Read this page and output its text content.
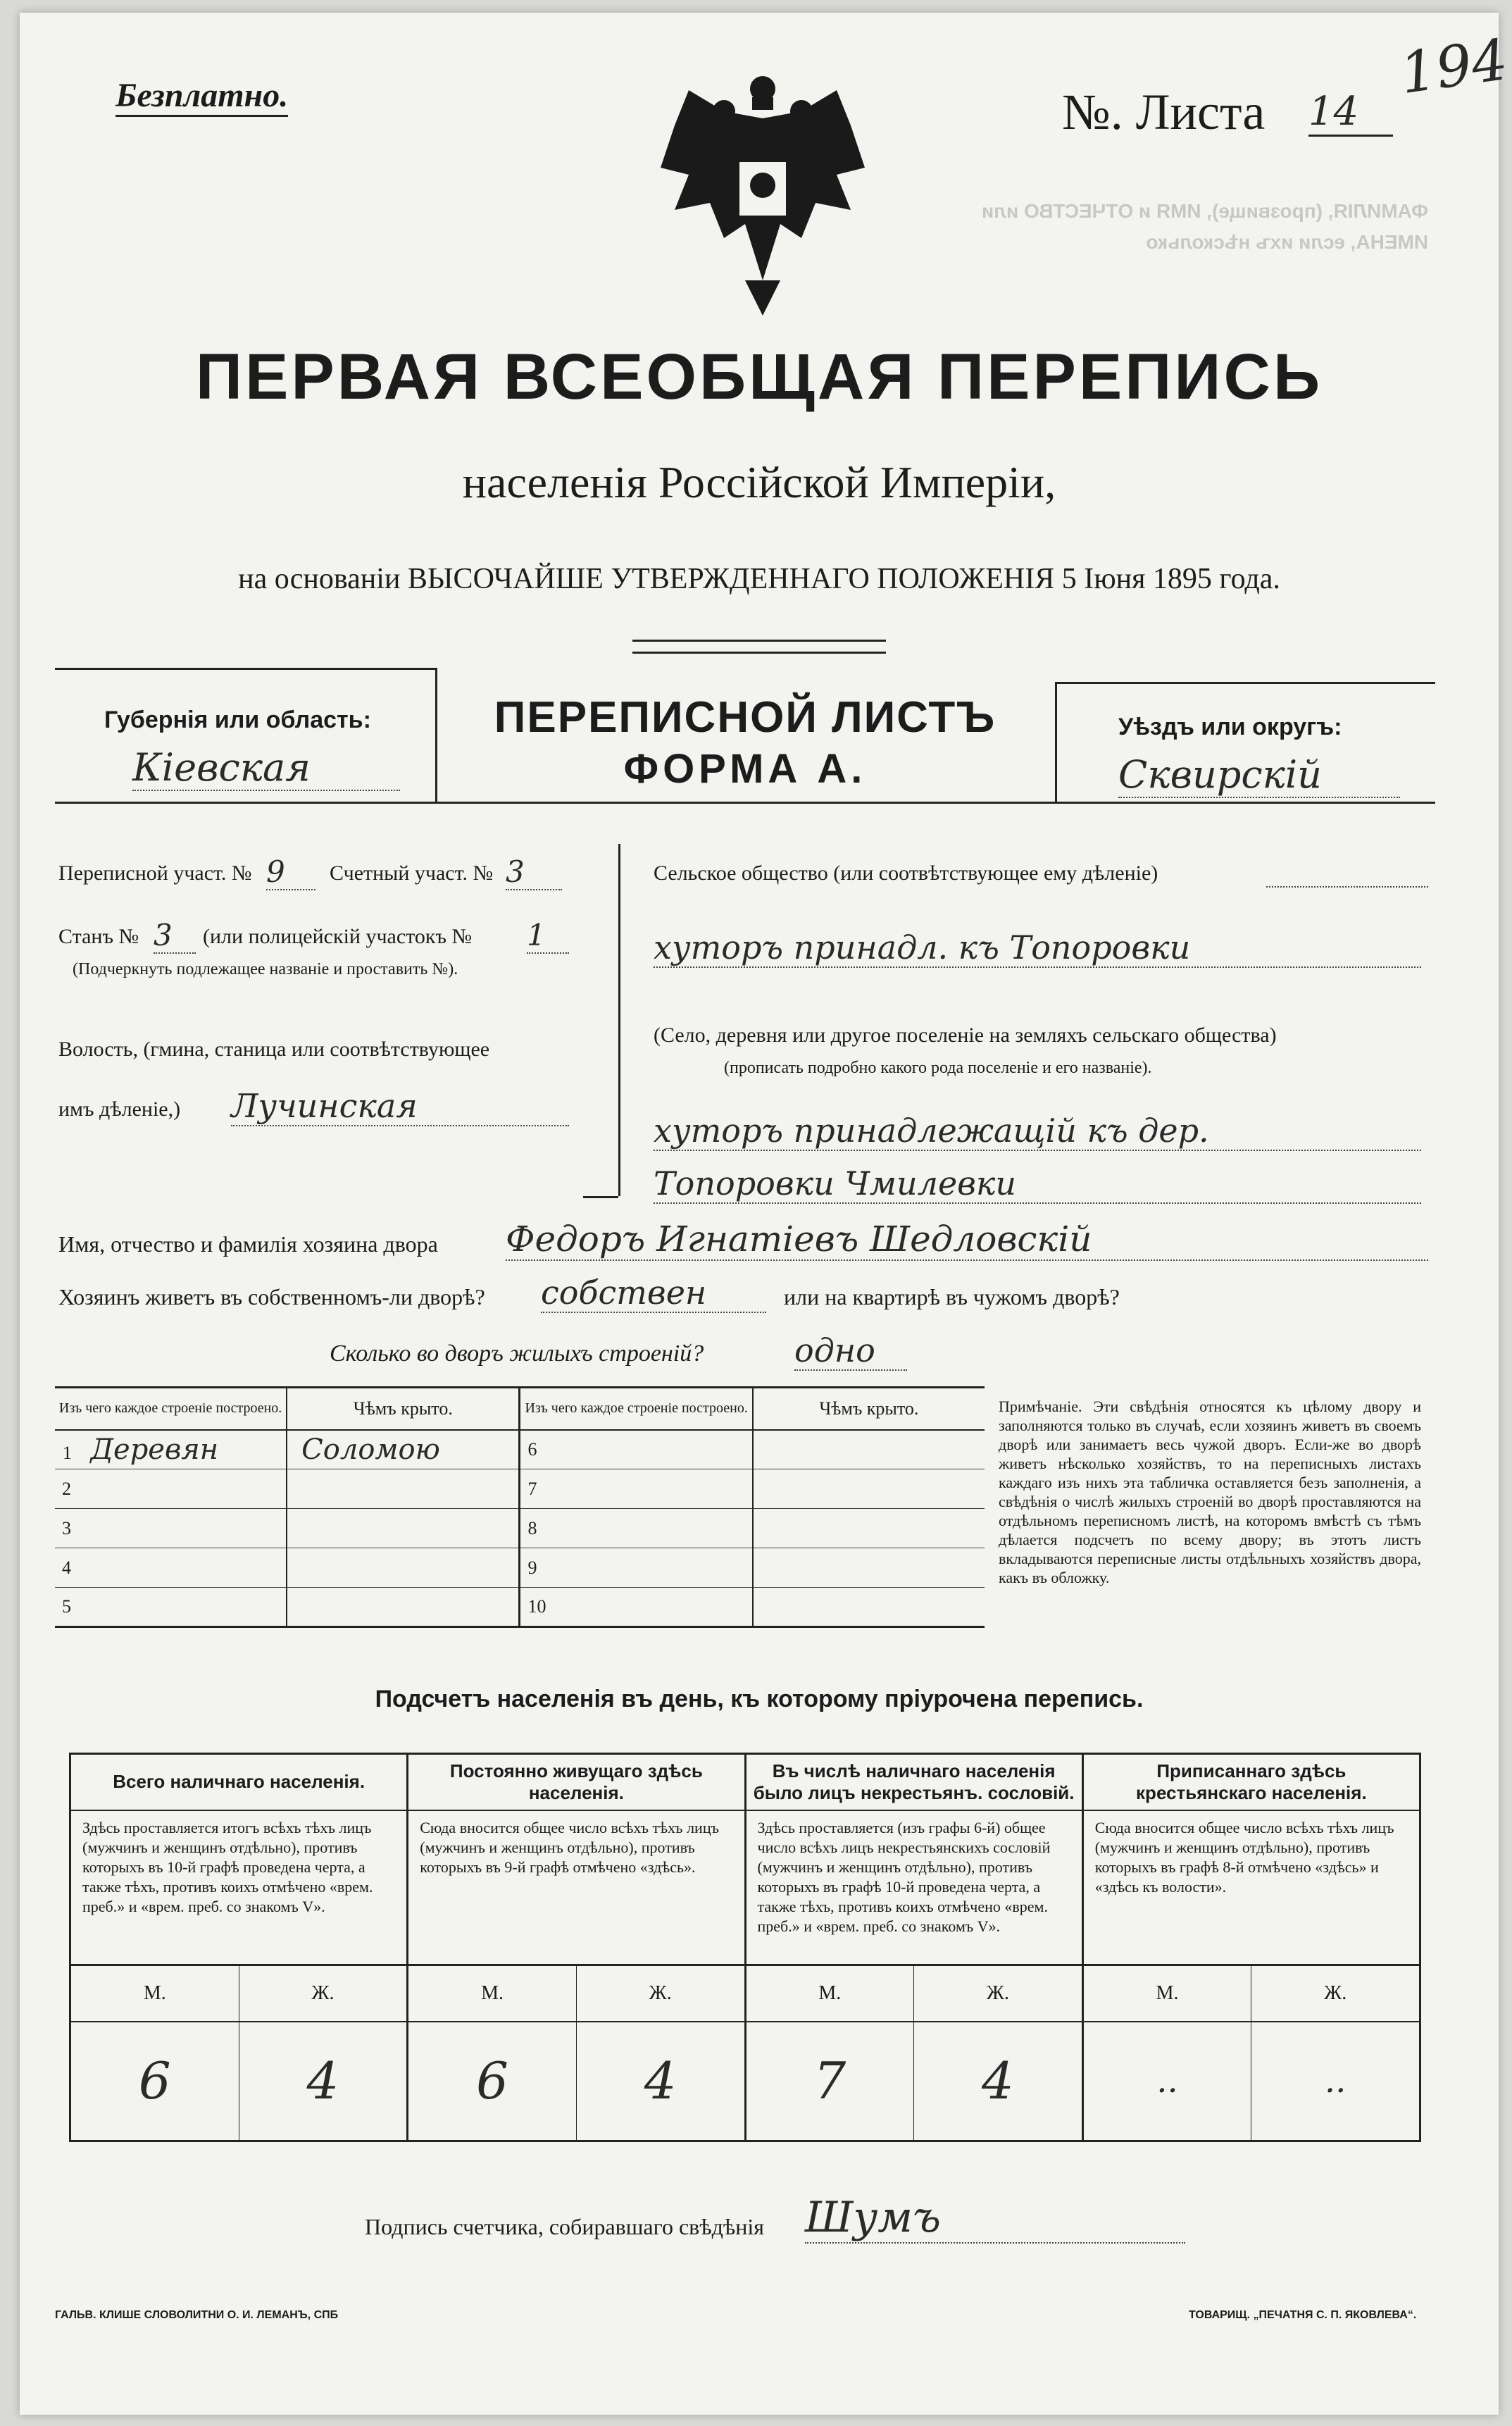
ФАМИЛІЯ, (прозвище), ИМЯ и ОТЧЕСТВО или ИМЕНА, если ихъ нѣсколько
Безплатно.	№. Листа 14
194
ПЕРВАЯ ВСЕОБЩАЯ ПЕРЕПИСЬ
населенія Россійской Имперіи,
на основаніи ВЫСОЧАЙШЕ УТВЕРЖДЕННАГО ПОЛОЖЕНІЯ 5 Іюня 1895 года.
Губернія или область:
Кіевская
ПЕРЕПИСНОЙ ЛИСТЪ
ФОРМА А.
Уѣздъ или округъ:
Сквирскій
Переписной участ. № 9	Счетный участ. № 3
Станъ № 3	(или полицейскій участокъ № 1
(Подчеркнуть подлежащее названіе и проставить №).
Волость, (гмина, станица или соотвѣтствующее
имъ дѣленіе,) Лучинская
Сельское общество (или соотвѣтствующее ему дѣленіе)
хуторъ принадл. къ Топоровки
(Село, деревня или другое поселеніе на земляхъ сельскаго общества)
(прописать подробно какого рода поселеніе и его названіе).
хуторъ принадлежащій къ дер.
Топоровки Чмилевки
Имя, отчество и фамилія хозяина двора Федоръ Игнатіевъ Шедловскій
Хозяинъ живетъ въ собственномъ-ли дворѣ? собствен	или на квартирѣ въ чужомъ дворѣ?
Сколько во дворъ жилыхъ строеній?	одно
Изъ чего каждое строеніе построено.	Чѣмъ крыто.	Изъ чего каждое строеніе построено.	Чѣмъ крыто.
1 Деревян	Соломою	6	
2		7	
3		8	
4		9	
5		10	
Примѣчаніе. Эти свѣдѣнія относятся къ цѣлому двору и заполняются только въ случаѣ, если хозяинъ живетъ въ своемъ дворѣ или занимаетъ весь чужой дворъ. Если-же во дворѣ живетъ нѣсколько хозяйствъ, то на переписныхъ листахъ каждаго изъ нихъ эта табличка оставляется безъ заполненія, а свѣдѣнія о числѣ жилыхъ строеній во дворѣ проставляются на отдѣльномъ переписномъ листѣ, на которомъ вмѣстѣ съ тѣмъ дѣлается подсчетъ по всему двору; въ этотъ листъ вкладываются переписные листы отдѣльныхъ хозяйствъ двора, какъ въ обложку.
Подсчетъ населенія въ день, къ которому пріурочена перепись.
Всего наличнаго населенія.		Постоянно живущаго здѣсь населенія.		Въ числѣ наличнаго населенія было лицъ некрестьянъ. сословій.		Приписаннаго здѣсь крестьянскаго населенія.	
Здѣсь проставляется итогъ всѣхъ тѣхъ лицъ (мужчинъ и женщинъ отдѣльно), противъ которыхъ въ 10-й графѣ проведена черта, а также тѣхъ, противъ коихъ отмѣчено «врем. преб.» и «врем. преб. со знакомъ V».		Сюда вносится общее число всѣхъ тѣхъ лицъ (мужчинъ и женщинъ отдѣльно), противъ которыхъ въ 9-й графѣ отмѣчено «здѣсь».		Здѣсь проставляется (изъ графы 6-й) общее число всѣхъ лицъ некрестьянскихъ сословій (мужчинъ и женщинъ отдѣльно), противъ которыхъ въ графѣ 10-й проведена черта, а также тѣхъ, противъ коихъ отмѣчено «врем. преб.» и «врем. преб. со знакомъ V».		Сюда вносится общее число всѣхъ тѣхъ лицъ (мужчинъ и женщинъ отдѣльно), противъ которыхъ въ графѣ 8-й отмѣчено «здѣсь» и «здѣсь къ волости».	
М.	Ж.	М.	Ж.	М.	Ж.	М.	Ж.
6	4	6	4	7	4	..	..
Подпись счетчика, собиравшаго свѣдѣнія Шумъ
ГАЛЬВ. КЛИШЕ СЛОВОЛИТНИ О. И. ЛЕМАНЪ, СПБ	ТОВАРИЩ. „ПЕЧАТНЯ С. П. ЯКОВЛЕВА“.
